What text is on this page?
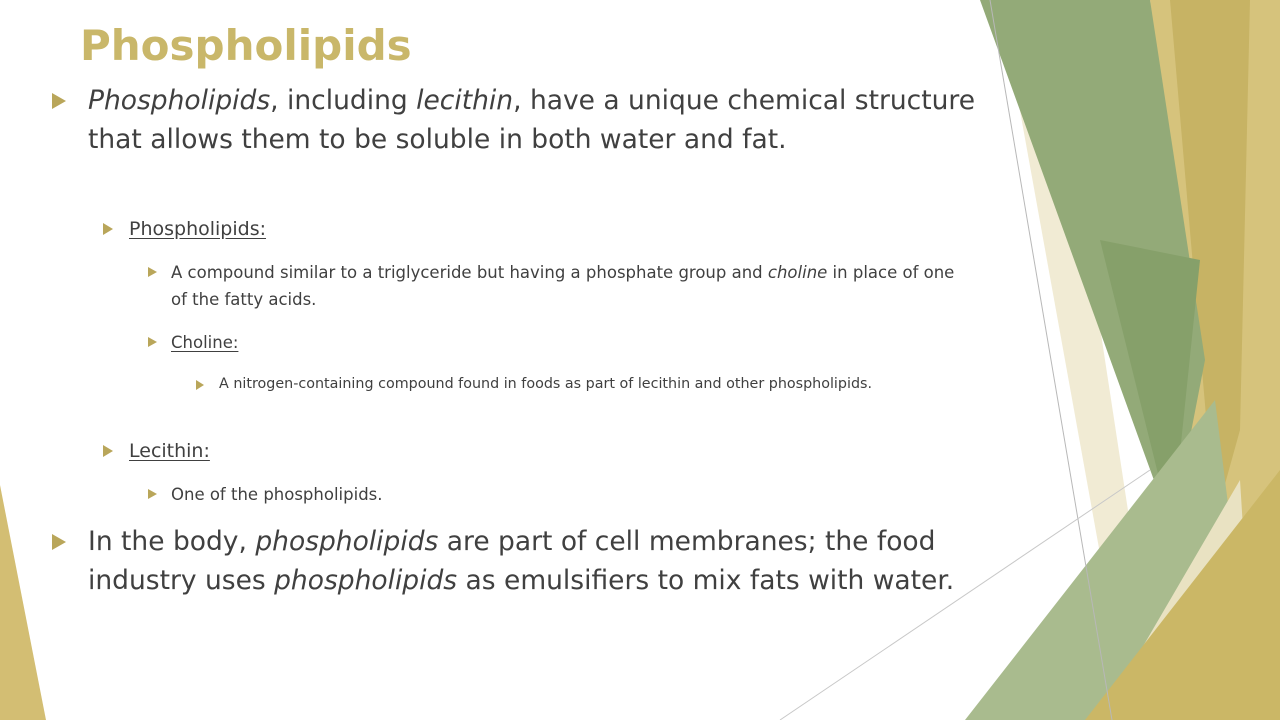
Phospholipids

Phospholipids, including lecithin, have a unique chemical structure that allows them to be soluble in both water and fat.

Phospholipids:

A compound similar to a triglyceride but having a phosphate group and choline in place of one of the fatty acids.

Choline:

A nitrogen-containing compound found in foods as part of lecithin and other phospholipids.

Lecithin:

One of the phospholipids.

In the body, phospholipids are part of cell membranes; the food industry uses phospholipids as emulsifiers to mix fats with water.
